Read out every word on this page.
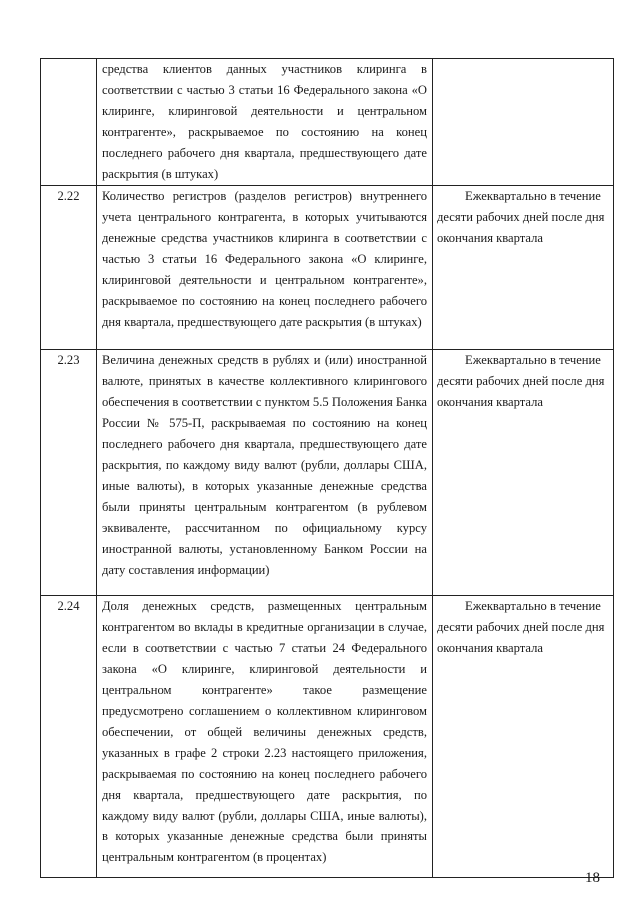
	средства клиентов данных участников клиринга в соответствии с частью 3 статьи 16 Федерального закона «О клиринге, клиринговой деятельности и центральном контрагенте», раскрываемое по состоянию на конец последнего рабочего дня квартала, предшествующего дате раскрытия (в штуках)	
2.22	Количество регистров (разделов регистров) внутреннего учета центрального контрагента, в которых учитываются денежные средства участников клиринга в соответствии с частью 3 статьи 16 Федерального закона «О клиринге, клиринговой деятельности и центральном контрагенте», раскрываемое по состоянию на конец последнего рабочего дня квартала, предшествующего дате раскрытия (в штуках)	Ежеквартально в течение десяти рабочих дней после дня окончания квартала
2.23	Величина денежных средств в рублях и (или) иностранной валюте, принятых в качестве коллективного клирингового обеспечения в соответствии с пунктом 5.5 Положения Банка России № 575-П, раскрываемая по состоянию на конец последнего рабочего дня квартала, предшествующего дате раскрытия, по каждому виду валют (рубли, доллары США, иные валюты), в которых указанные денежные средства были приняты центральным контрагентом (в рублевом эквиваленте, рассчитанном по официальному курсу иностранной валюты, установленному Банком России на дату составления информации)	Ежеквартально в течение десяти рабочих дней после дня окончания квартала
2.24	Доля денежных средств, размещенных центральным контрагентом во вклады в кредитные организации в случае, если в соответствии с частью 7 статьи 24 Федерального закона «О клиринге, клиринговой деятельности и центральном контрагенте» такое размещение предусмотрено соглашением о коллективном клиринговом обеспечении, от общей величины денежных средств, указанных в графе 2 строки 2.23 настоящего приложения, раскрываемая по состоянию на конец последнего рабочего дня квартала, предшествующего дате раскрытия, по каждому виду валют (рубли, доллары США, иные валюты), в которых указанные денежные средства были приняты центральным контрагентом (в процентах)	Ежеквартально в течение десяти рабочих дней после дня окончания квартала
18
